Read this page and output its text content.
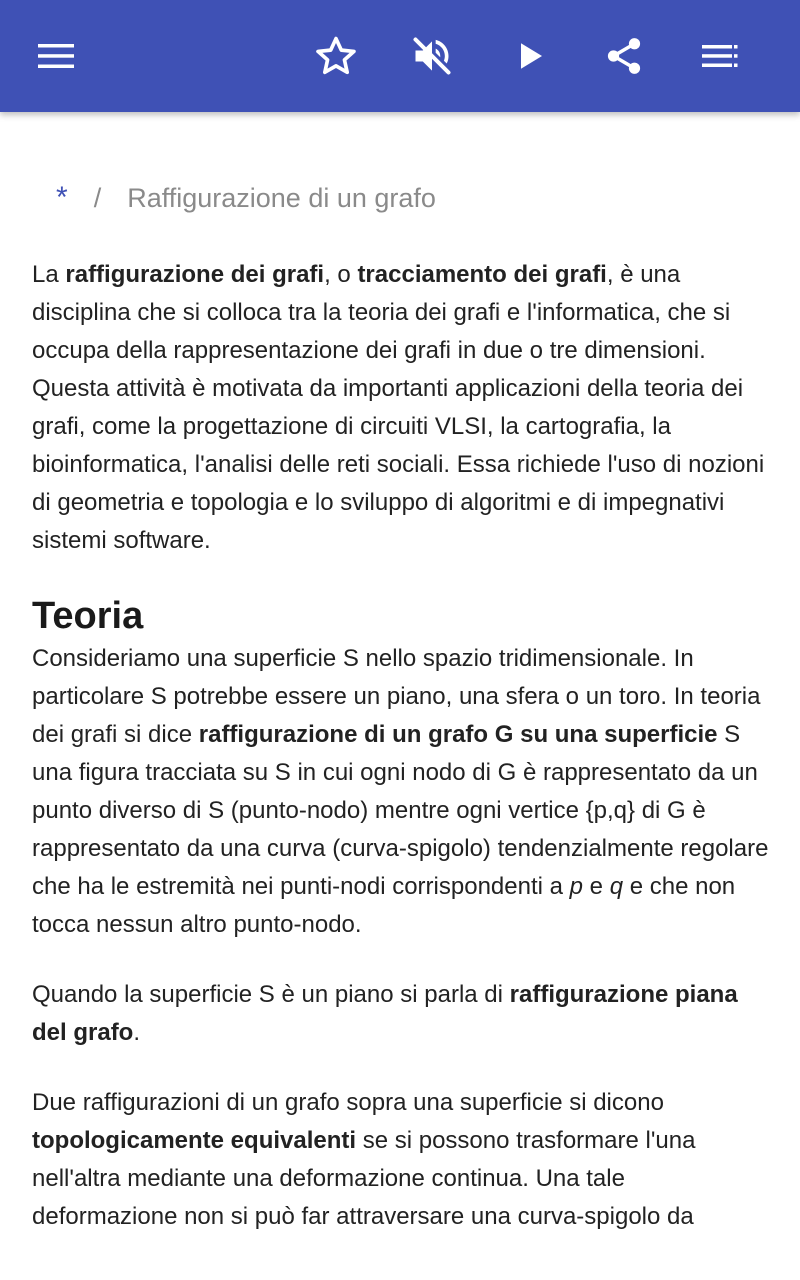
* / Raffigurazione di un grafo

La raffigurazione dei grafi, o tracciamento dei grafi, è una disciplina che si colloca tra la teoria dei grafi e l'informatica, che si occupa della rappresentazione dei grafi in due o tre dimensioni. Questa attività è motivata da importanti applicazioni della teoria dei grafi, come la progettazione di circuiti VLSI, la cartografia, la bioinformatica, l'analisi delle reti sociali. Essa richiede l'uso di nozioni di geometria e topologia e lo sviluppo di algoritmi e di impegnativi sistemi software.

Teoria

Consideriamo una superficie S nello spazio tridimensionale. In particolare S potrebbe essere un piano, una sfera o un toro. In teoria dei grafi si dice raffigurazione di un grafo G su una superficie S una figura tracciata su S in cui ogni nodo di G è rappresentato da un punto diverso di S (punto-nodo) mentre ogni vertice {p,q} di G è rappresentato da una curva (curva-spigolo) tendenzialmente regolare che ha le estremità nei punti-nodi corrispondenti a p e q e che non tocca nessun altro punto-nodo.

Quando la superficie S è un piano si parla di raffigurazione piana del grafo.

Due raffigurazioni di un grafo sopra una superficie si dicono topologicamente equivalenti se si possono trasformare l'una nell'altra mediante una deformazione continua. Una tale deformazione non si può far attraversare una curva-spigolo da
